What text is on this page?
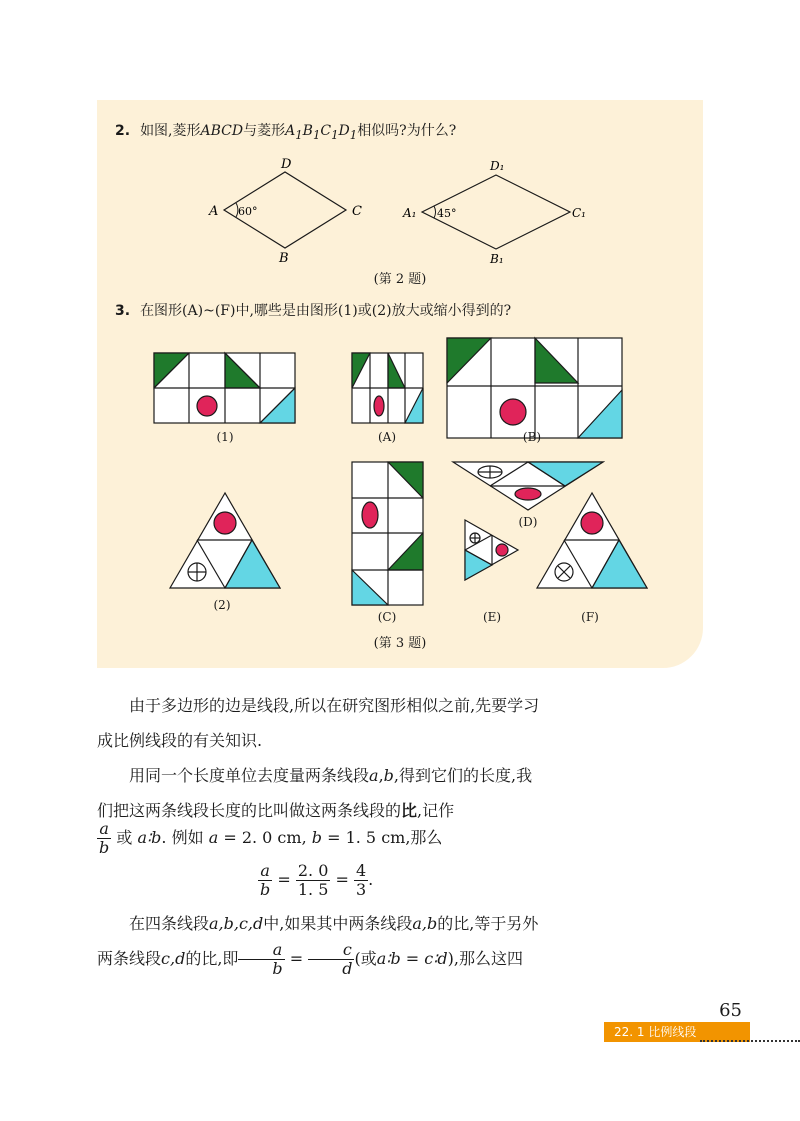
2. 如图,菱形ABCD与菱形$A_1B_1C_1D_1$相似吗?为什么?
A
B
C
D
60°	A₁
B₁
C₁
D₁
45°
(第 2 题)
3. 在图形(A)~(F)中,哪些是由图形(1)或(2)放大或缩小得到的?
(1)	(A)	(B)
(2)
(C)
(D)
(E)	(F)
(第 3 题)
由于多边形的边是线段,所以在研究图形相似之前,先要学习成比例线段的有关知识.
用同一个长度单位去度量两条线段a,b,得到它们的长度,我们把这两条线段长度的比叫做这两条线段的比,记作
$\frac{a}{b}$ 或 a∶b. 例如 a = 2. 0 cm, b = 1. 5 cm,那么
$\frac{a}{b} = \frac{2. 0}{1. 5} = \frac{4}{3}$ .
在四条线段a,b,c,d中,如果其中两条线段a,b的比,等于另外两条线段c,d的比,即 $\frac{a}{b} = \frac{c}{d}$ (或a∶b = c∶d),那么这四
65
22. 1 比例线段
